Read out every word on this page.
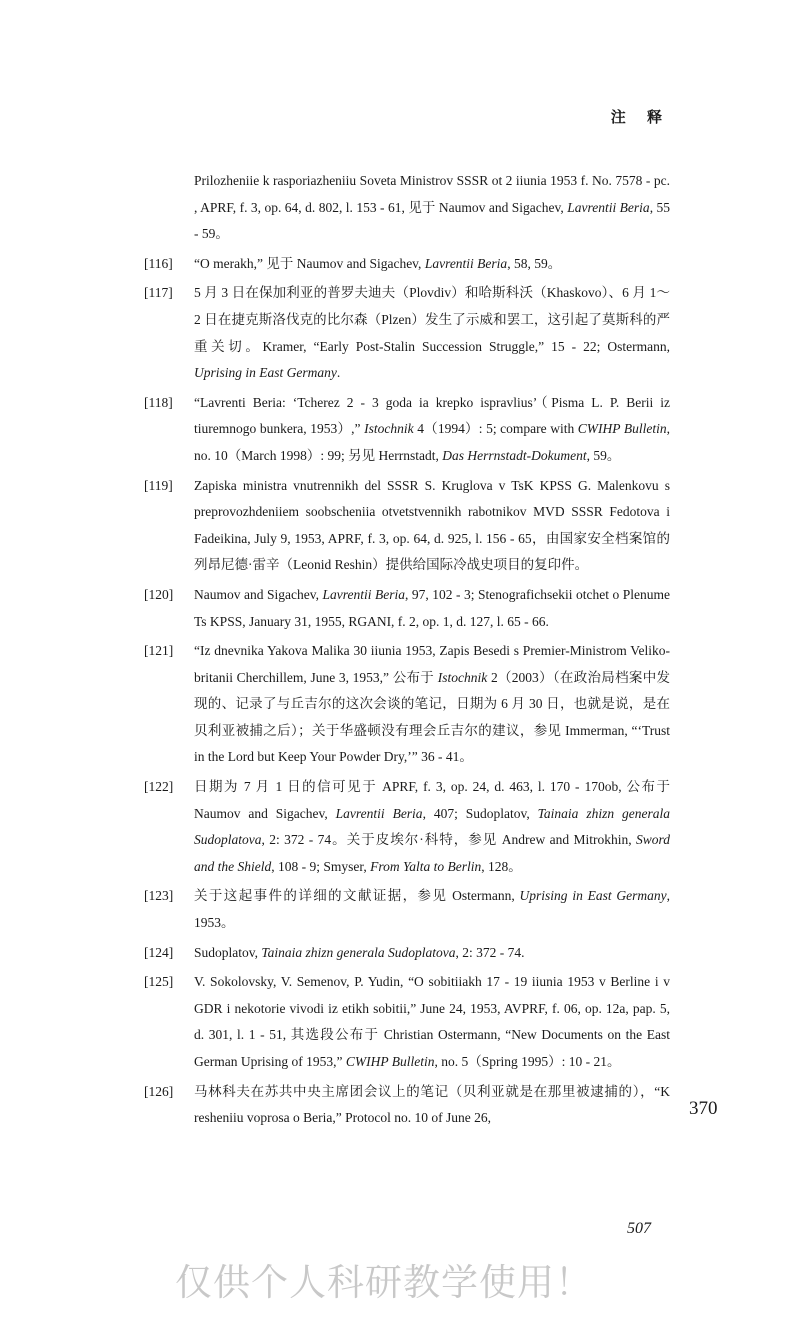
注 释
Prilozheniie k rasporiazheniiu Soveta Ministrov SSSR ot 2 iiunia 1953 f. No. 7578 - pc. , APRF, f. 3, op. 64, d. 802, l. 153 - 61, 见于 Naumov and Sigachev, Lavrentii Beria, 55 - 59。
[116]	“O merakh,” 见于 Naumov and Sigachev, Lavrentii Beria, 58, 59。
[117]	5 月 3 日在保加利亚的普罗夫迪夫（Plovdiv）和哈斯科沃（Khaskovo）、6 月 1～2 日在捷克斯洛伐克的比尔森（Plzen）发生了示威和罢工，这引起了莫斯科的严重关切。Kramer, “Early Post-Stalin Succession Struggle,” 15 - 22; Ostermann, Uprising in East Germany.
[118]	“Lavrenti Beria: ‘Tcherez 2 - 3 goda ia krepko ispravlius’（Pisma L. P. Berii iz tiuremnogo bunkera, 1953）,” Istochnik 4（1994）: 5; compare with CWIHP Bulletin, no. 10（March 1998）: 99; 另见 Herrnstadt, Das Herrnstadt-Dokument, 59。
[119]	Zapiska ministra vnutrennikh del SSSR S. Kruglova v TsK KPSS G. Malenkovu s preprovozhdeniiem soobscheniia otvetstvennikh rabotnikov MVD SSSR Fedotova i Fadeikina, July 9, 1953, APRF, f. 3, op. 64, d. 925, l. 156 - 65，由国家安全档案馆的列昂尼德·雷辛（Leonid Reshin）提供给国际冷战史项目的复印件。
[120]	Naumov and Sigachev, Lavrentii Beria, 97, 102 - 3; Stenografichsekii otchet o Plenume Ts KPSS, January 31, 1955, RGANI, f. 2, op. 1, d. 127, l. 65 - 66.
[121]	“Iz dnevnika Yakova Malika 30 iiunia 1953, Zapis Besedi s Premier-Ministrom Veliko-britanii Cherchillem, June 3, 1953,” 公布于 Istochnik 2（2003）（在政治局档案中发现的、记录了与丘吉尔的这次会谈的笔记，日期为 6 月 30 日，也就是说，是在贝利亚被捕之后）；关于华盛顿没有理会丘吉尔的建议，参见 Immerman, “‘Trust in the Lord but Keep Your Powder Dry,’” 36 - 41。
[122]	日期为 7 月 1 日的信可见于 APRF, f. 3, op. 24, d. 463, l. 170 - 170ob, 公布于 Naumov and Sigachev, Lavrentii Beria, 407; Sudoplatov, Tainaia zhizn generala Sudoplatova, 2: 372 - 74。关于皮埃尔·科特，参见 Andrew and Mitrokhin, Sword and the Shield, 108 - 9; Smyser, From Yalta to Berlin, 128。
[123]	关于这起事件的详细的文献证据，参见 Ostermann, Uprising in East Germany, 1953。
[124]	Sudoplatov, Tainaia zhizn generala Sudoplatova, 2: 372 - 74.
[125]	V. Sokolovsky, V. Semenov, P. Yudin, “O sobitiiakh 17 - 19 iiunia 1953 v Berline i v GDR i nekotorie vivodi iz etikh sobitii,” June 24, 1953, AVPRF, f. 06, op. 12a, pap. 5, d. 301, l. 1 - 51, 其选段公布于 Christian Ostermann, “New Documents on the East German Uprising of 1953,” CWIHP Bulletin, no. 5（Spring 1995）: 10 - 21。
[126]	马林科夫在苏共中央主席团会议上的笔记（贝利亚就是在那里被逮捕的），“K resheniiu voprosa o Beria,” Protocol no. 10 of June 26,	370
507
仅供个人科研教学使用！
